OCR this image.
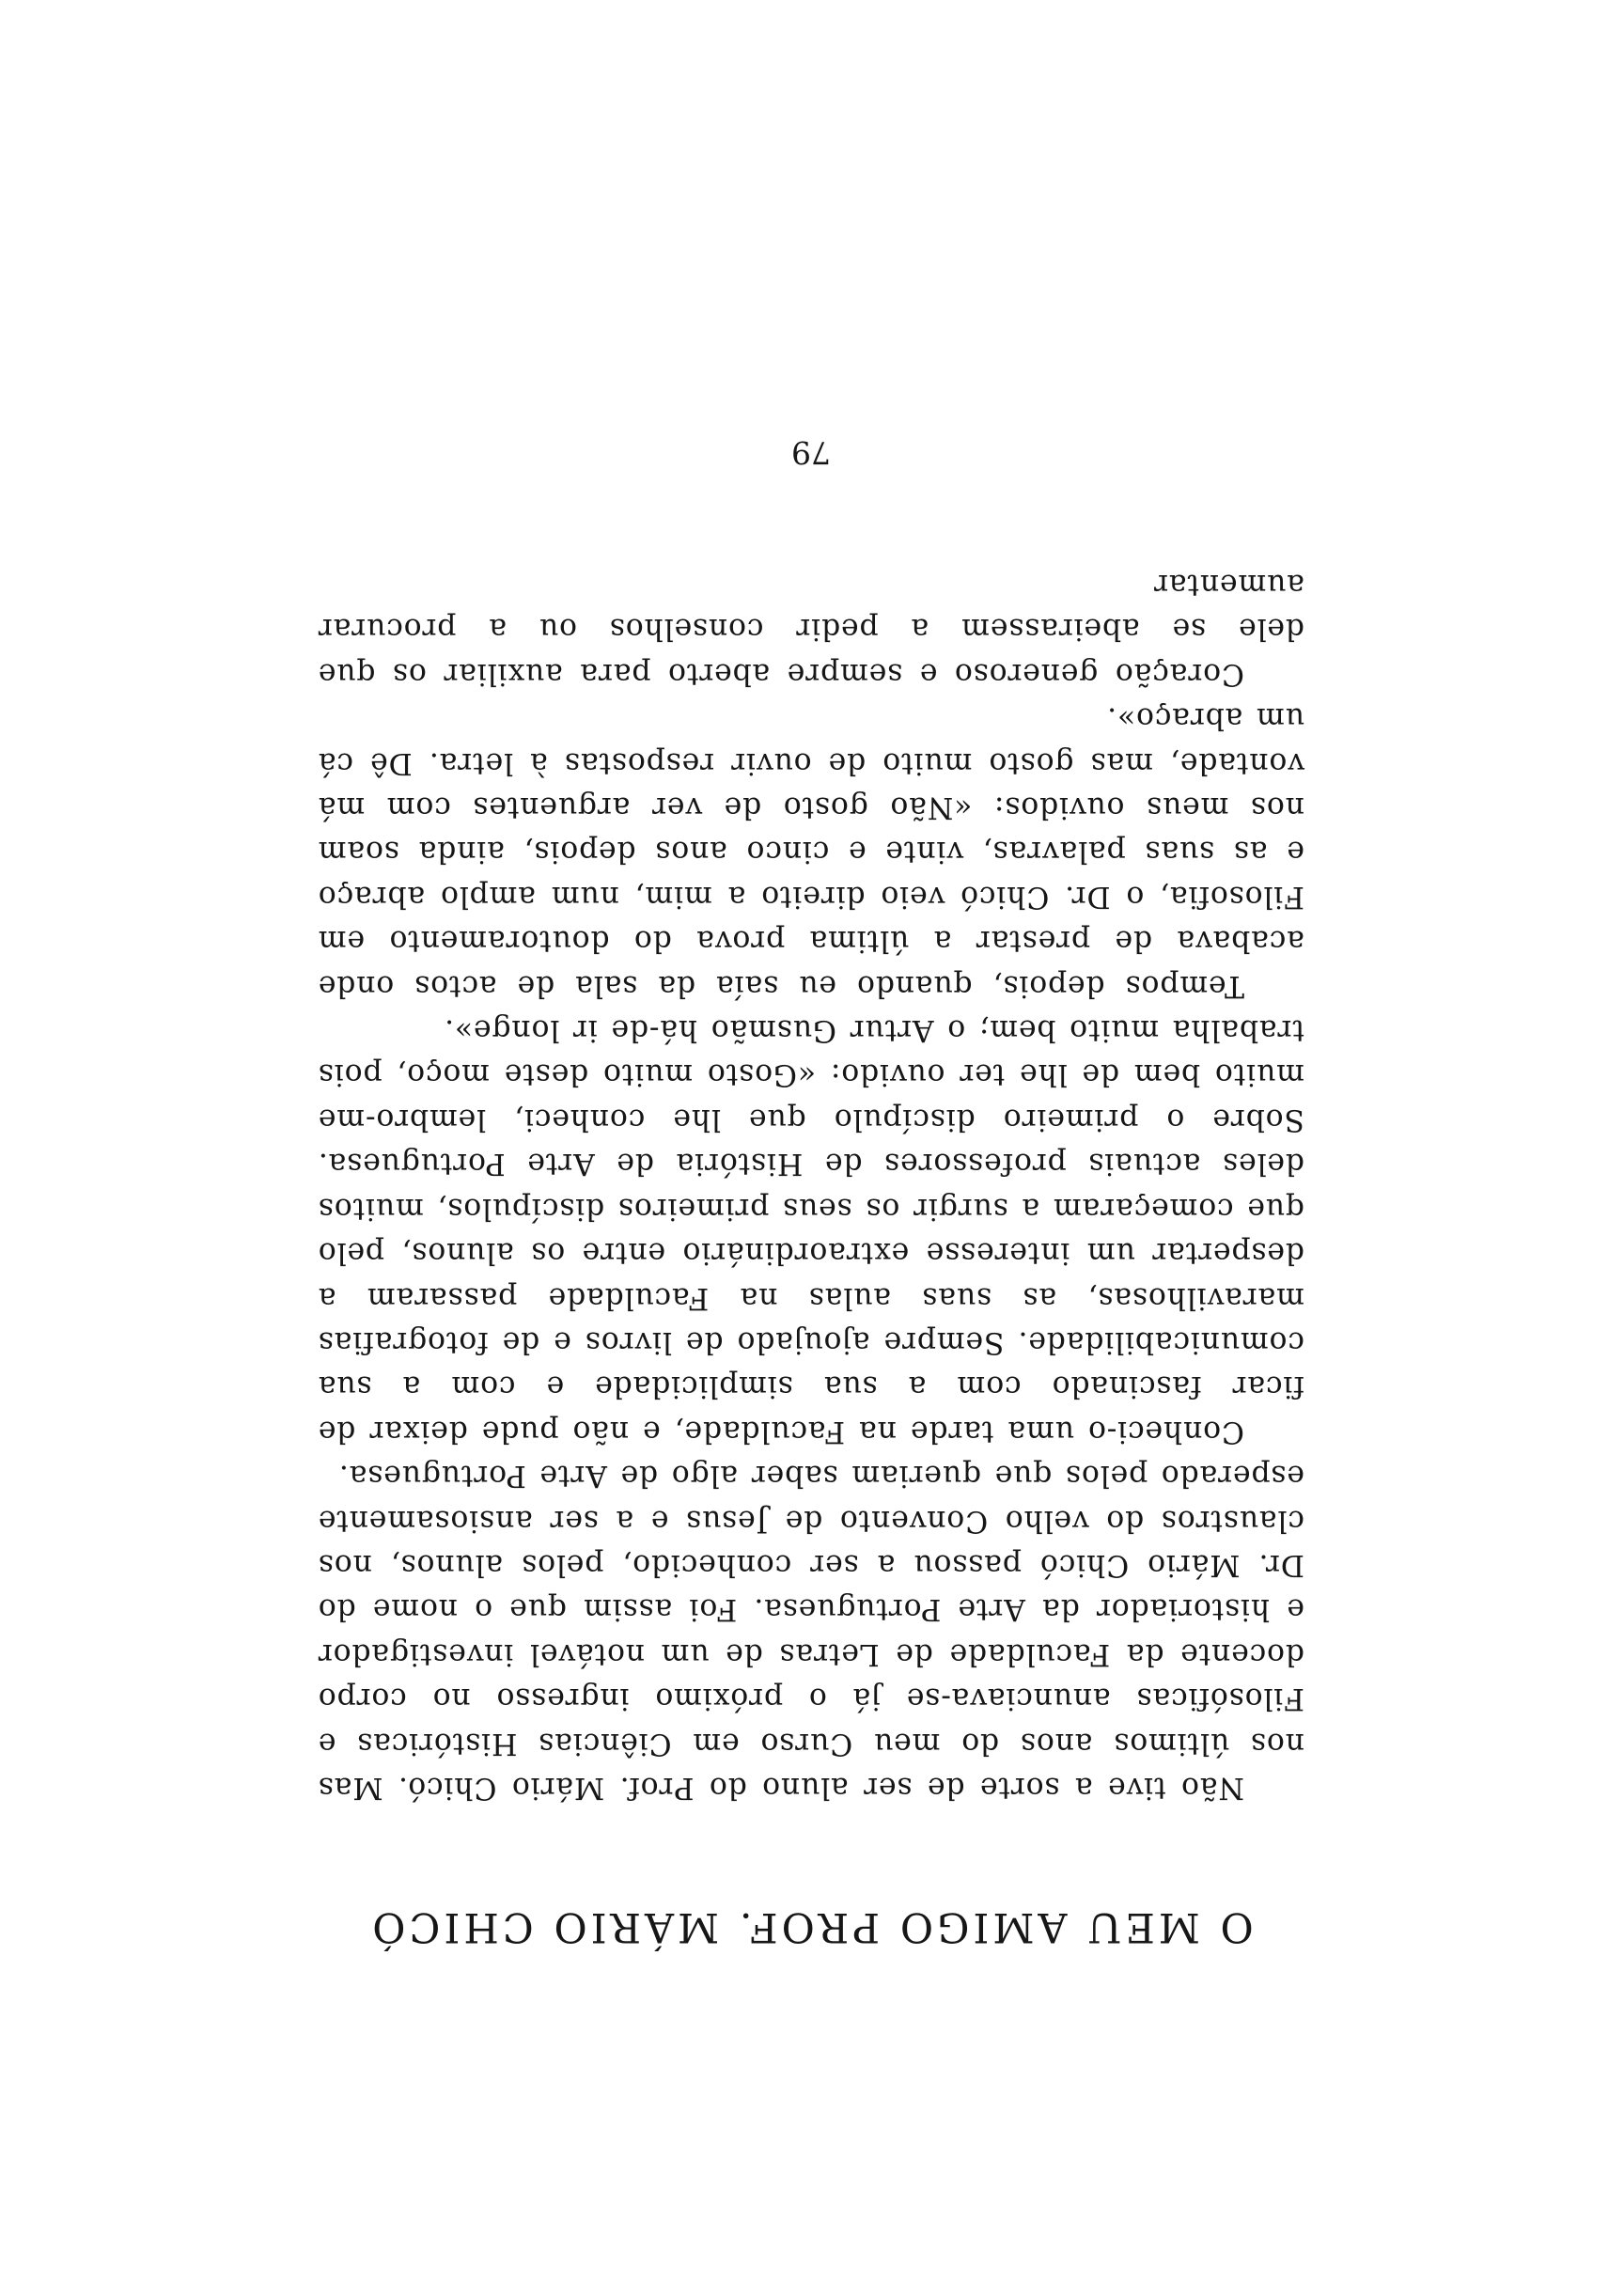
O MEU AMIGO PROF. MÁRIO CHICÓ

Não tive a sorte de ser aluno do Prof. Mário Chicó. Mas nos últimos anos do meu Curso em Ciências Históricas e Filosóficas anunciava-se já o próximo ingresso no corpo docente da Faculdade de Letras de um notável investigador e historiador da Arte Portuguesa. Foi assim que o nome do Dr. Mário Chicó passou a ser conhecido, pelos alunos, nos claustros do velho Convento de Jesus e a ser ansiosamente esperado pelos que queriam saber algo de Arte Portuguesa.

Conheci-o uma tarde na Faculdade, e não pude deixar de ficar fascinado com a sua simplicidade e com a sua comunicabilidade. Sempre ajoujado de livros e de fotografias maravilhosas, as suas aulas na Faculdade passaram a despertar um interesse extraordinário entre os alunos, pelo que começaram a surgir os seus primeiros discípulos, muitos deles actuais professores de História de Arte Portuguesa. Sobre o primeiro discípulo que lhe conheci, lembro-me muito bem de lhe ter ouvido: «Gosto muito deste moço, pois trabalha muito bem; o Artur Gusmão há-de ir longe».

Tempos depois, quando eu saía da sala de actos onde acabava de prestar a última prova do doutoramento em Filosofia, o Dr. Chicó veio direito a mim, num amplo abraço e as suas palavras, vinte e cinco anos depois, ainda soam nos meus ouvidos: «Não gosto de ver arguentes com má vontade, mas gosto muito de ouvir respostas à letra. Dê cá um abraço».

Coração generoso e sempre aberto para auxiliar os que dele se abeirassem a pedir conselhos ou a procurar aumentar

79
